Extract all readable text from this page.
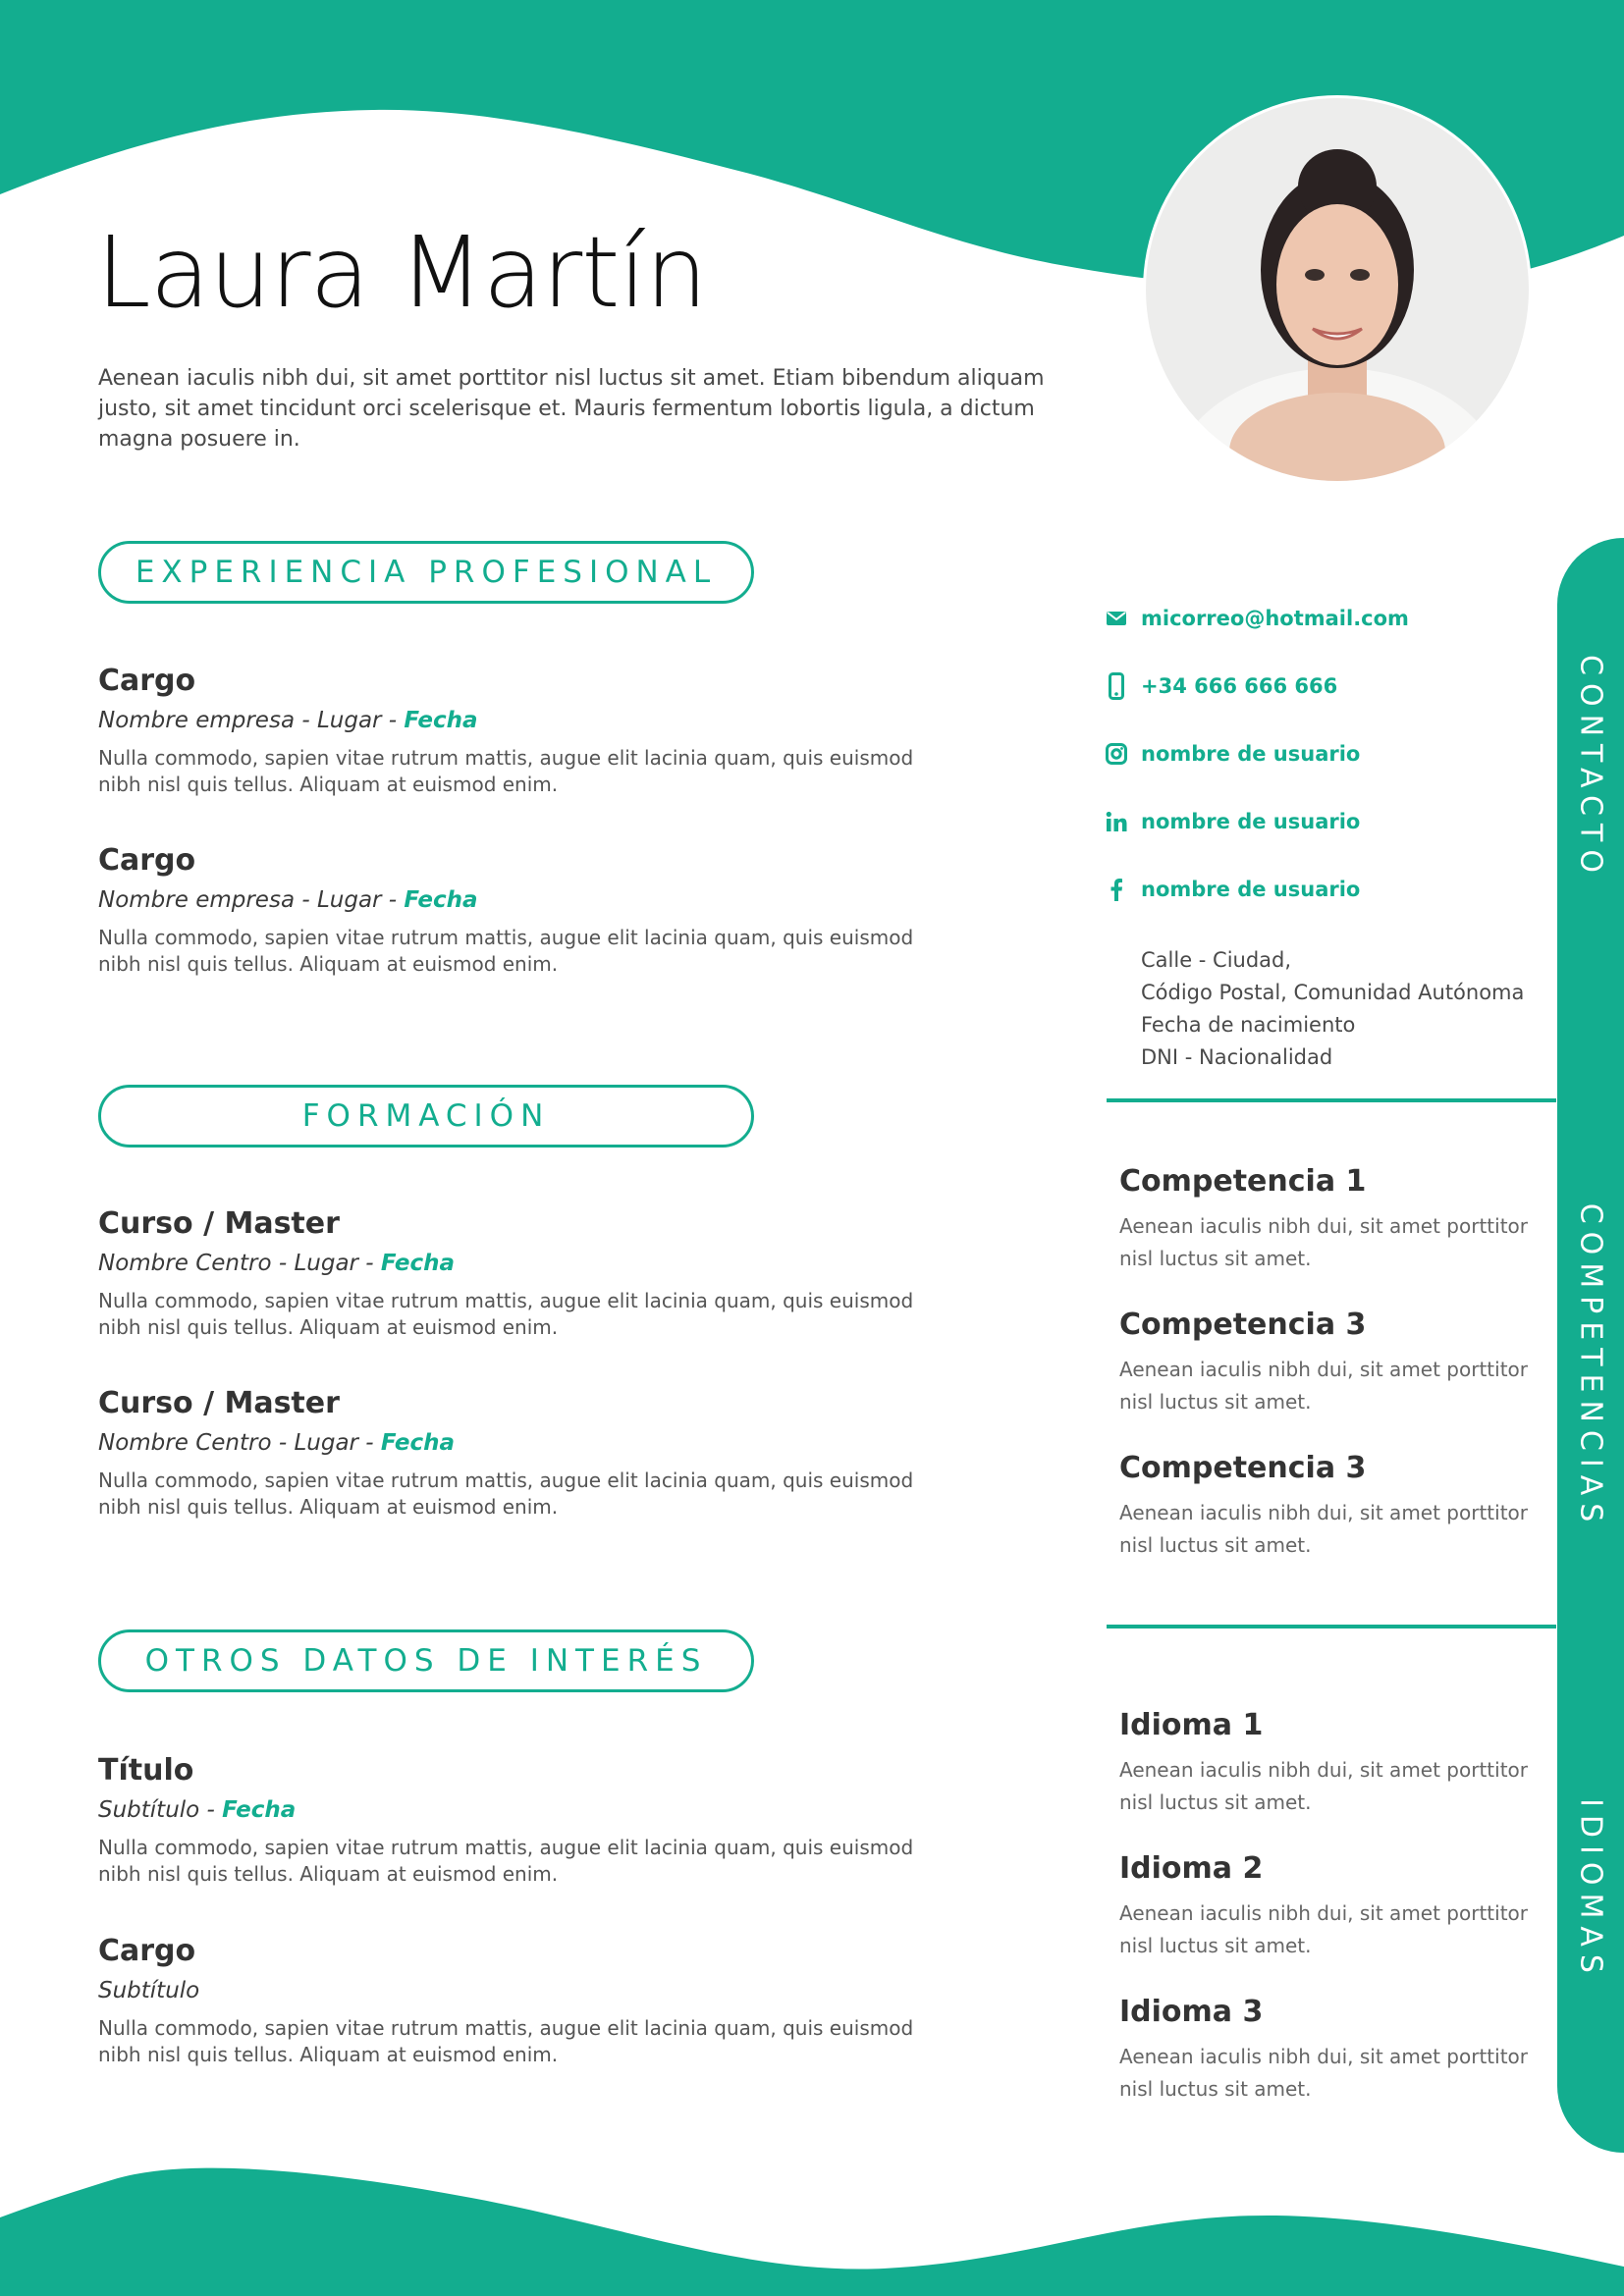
Laura Martín

Aenean iaculis nibh dui, sit amet porttitor nisl luctus sit amet. Etiam bibendum aliquam justo, sit amet tincidunt orci scelerisque et. Mauris fermentum lobortis ligula, a dictum magna posuere in.

EXPERIENCIA PROFESIONAL

Cargo

Nombre empresa - Lugar - Fecha

Nulla commodo, sapien vitae rutrum mattis, augue elit lacinia quam, quis euismod nibh nisl quis tellus. Aliquam at euismod enim.

Cargo

Nombre empresa - Lugar - Fecha

Nulla commodo, sapien vitae rutrum mattis, augue elit lacinia quam, quis euismod nibh nisl quis tellus. Aliquam at euismod enim.

FORMACIÓN

Curso / Master

Nombre Centro - Lugar - Fecha

Nulla commodo, sapien vitae rutrum mattis, augue elit lacinia quam, quis euismod nibh nisl quis tellus. Aliquam at euismod enim.

Curso / Master

Nombre Centro - Lugar - Fecha

Nulla commodo, sapien vitae rutrum mattis, augue elit lacinia quam, quis euismod nibh nisl quis tellus. Aliquam at euismod enim.

OTROS DATOS DE INTERÉS

Título

Subtítulo - Fecha

Nulla commodo, sapien vitae rutrum mattis, augue elit lacinia quam, quis euismod nibh nisl quis tellus. Aliquam at euismod enim.

Cargo

Subtítulo

Nulla commodo, sapien vitae rutrum mattis, augue elit lacinia quam, quis euismod nibh nisl quis tellus. Aliquam at euismod enim.

micorreo@hotmail.com
+34 666 666 666
nombre de usuario
nombre de usuario
nombre de usuario
Calle - Ciudad,
Código Postal, Comunidad Autónoma
Fecha de nacimiento
DNI - Nacionalidad

Competencia 1

Aenean iaculis nibh dui, sit amet porttitor nisl luctus sit amet.

Competencia 3

Aenean iaculis nibh dui, sit amet porttitor nisl luctus sit amet.

Competencia 3

Aenean iaculis nibh dui, sit amet porttitor nisl luctus sit amet.

Idioma 1

Aenean iaculis nibh dui, sit amet porttitor nisl luctus sit amet.

Idioma 2

Aenean iaculis nibh dui, sit amet porttitor nisl luctus sit amet.

Idioma 3

Aenean iaculis nibh dui, sit amet porttitor nisl luctus sit amet.

CONTACTO
COMPETENCIAS
IDIOMAS
